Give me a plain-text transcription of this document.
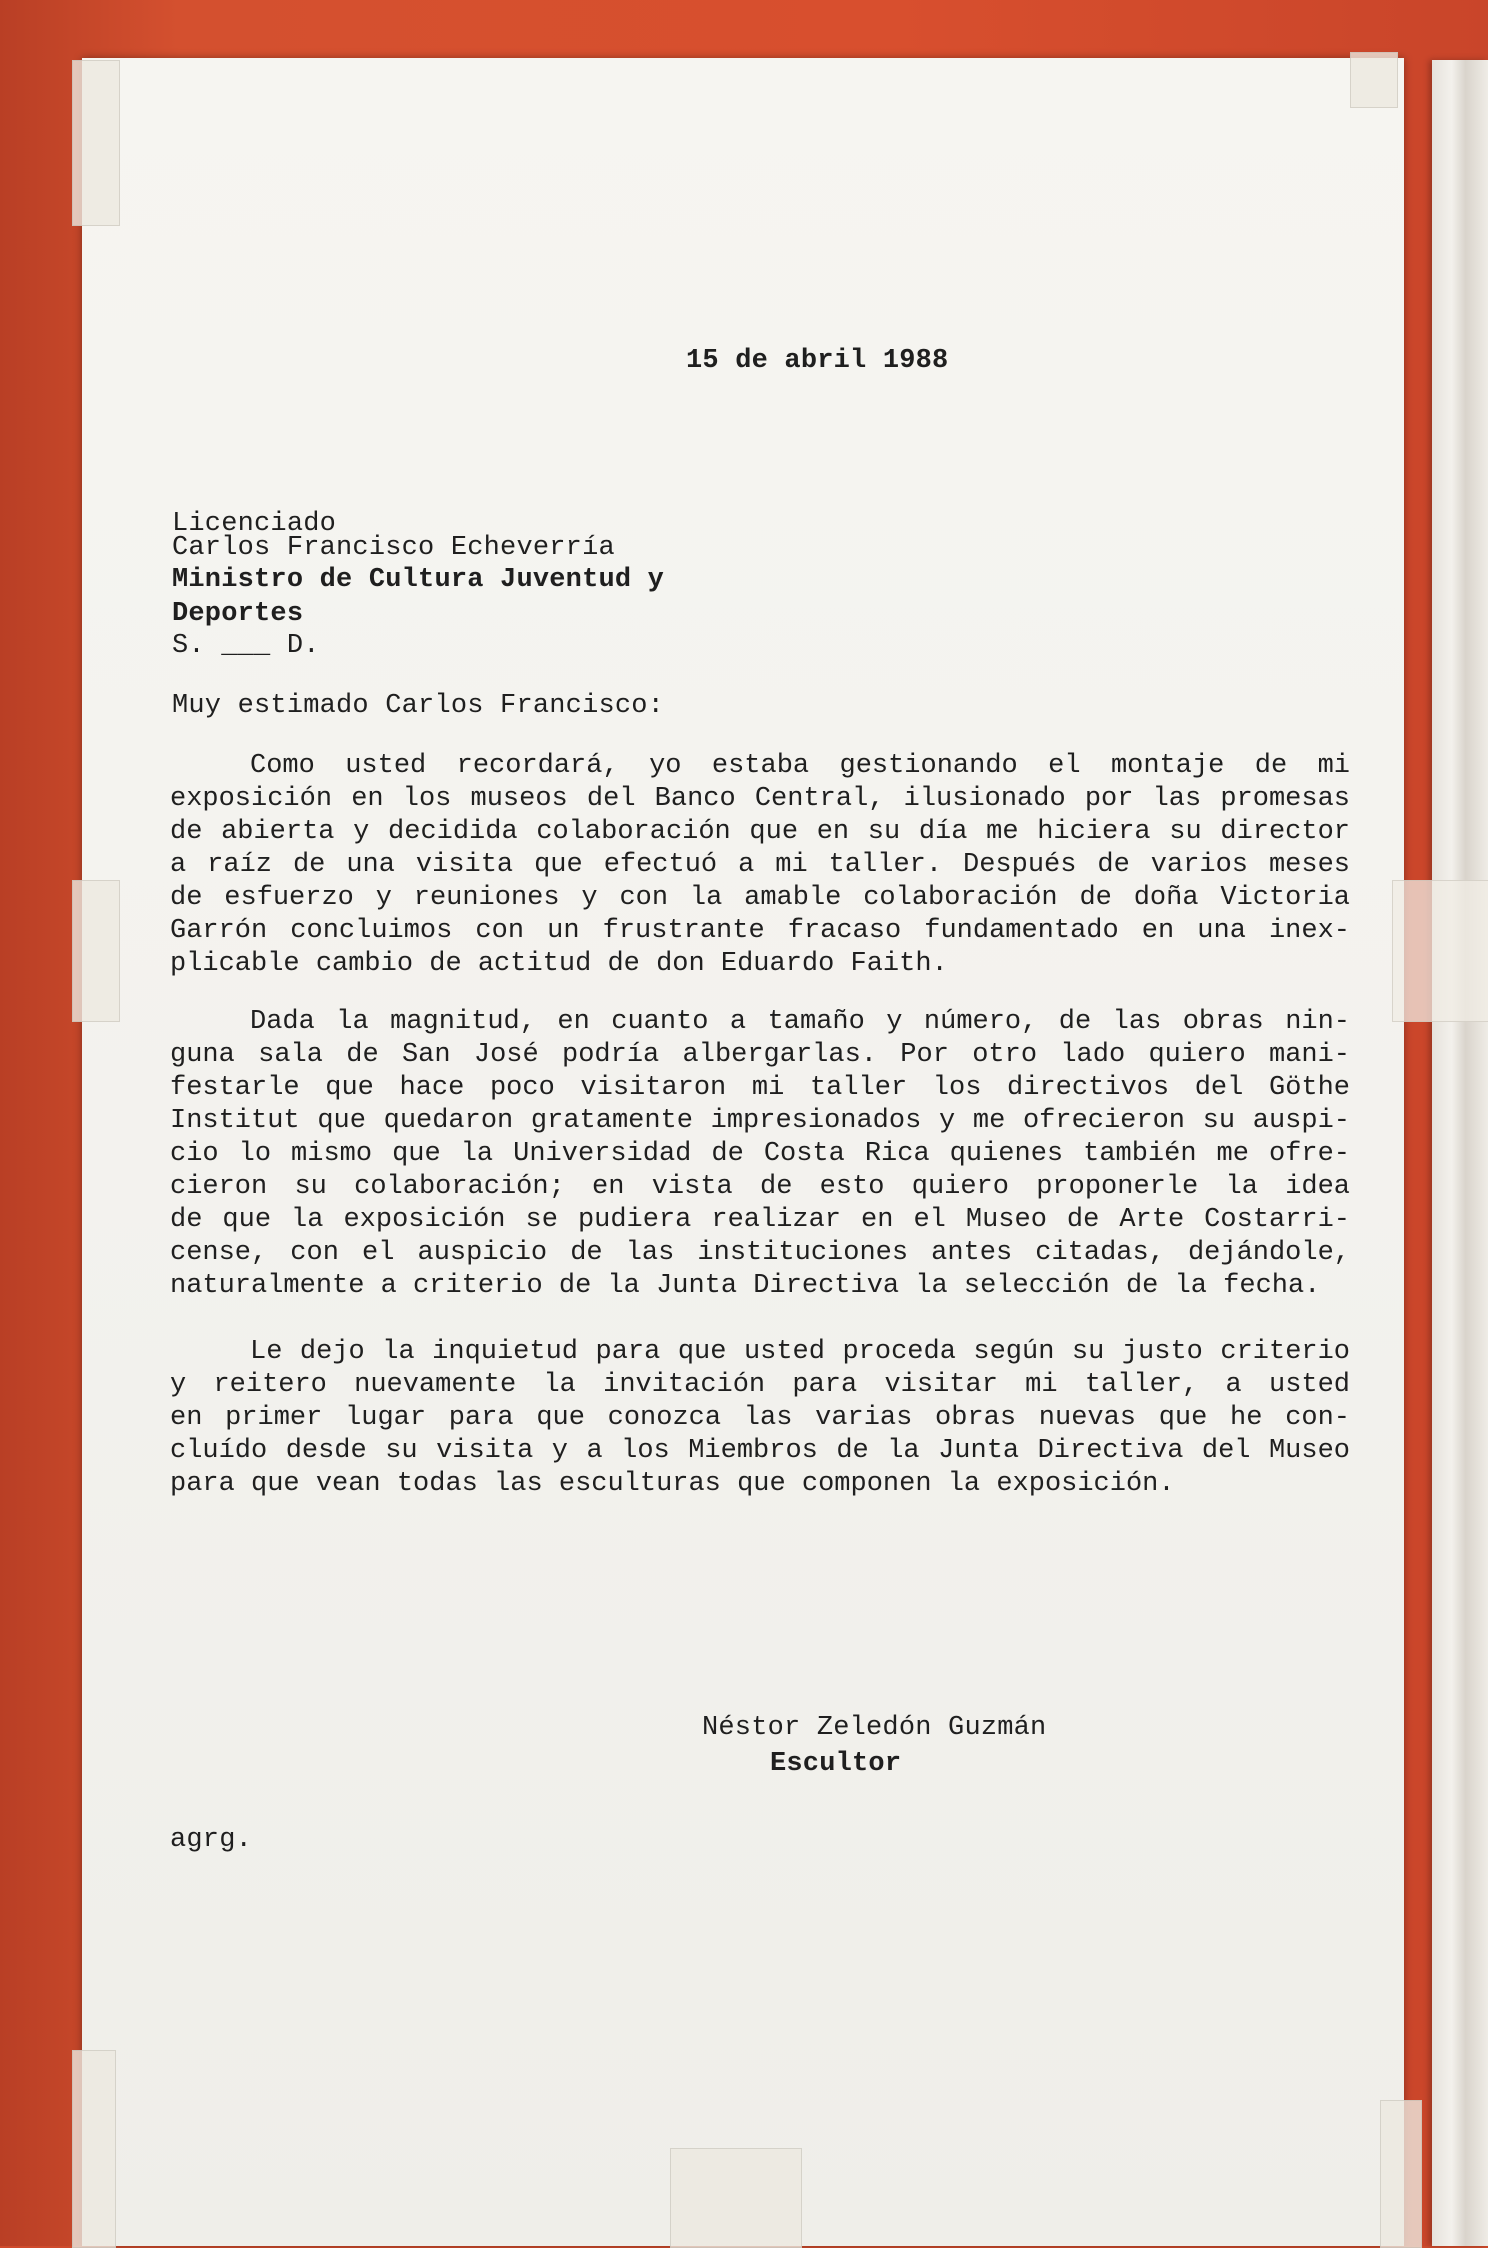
15 de abril 1988
Licenciado
Carlos Francisco Echeverría
Ministro de Cultura Juventud y
Deportes
S. ___ D.
Muy estimado Carlos Francisco:
Como usted recordará, yo estaba gestionando el montaje de mi
exposición en los museos del Banco Central, ilusionado por las promesas
de abierta y decidida colaboración que en su día me hiciera su director
a raíz de una visita que efectuó a mi taller. Después de varios meses
de esfuerzo y reuniones y con la amable colaboración de doña Victoria
Garrón concluimos con un frustrante fracaso fundamentado en una inex-
plicable cambio de actitud de don Eduardo Faith.
Dada la magnitud, en cuanto a tamaño y número, de las obras nin-
guna sala de San José podría albergarlas. Por otro lado quiero mani-
festarle que hace poco visitaron mi taller los directivos del Göthe
Institut que quedaron gratamente impresionados y me ofrecieron su auspi-
cio lo mismo que la Universidad de Costa Rica quienes también me ofre-
cieron su colaboración; en vista de esto quiero proponerle la idea
de que la exposición se pudiera realizar en el Museo de Arte Costarri-
cense, con el auspicio de las instituciones antes citadas, dejándole,
naturalmente a criterio de la Junta Directiva la selección de la fecha.
Le dejo la inquietud para que usted proceda según su justo criterio
y reitero nuevamente la invitación para visitar mi taller, a usted
en primer lugar para que conozca las varias obras nuevas que he con-
cluído desde su visita y a los Miembros de la Junta Directiva del Museo
para que vean todas las esculturas que componen la exposición.
Néstor Zeledón Guzmán
Escultor
agrg.
